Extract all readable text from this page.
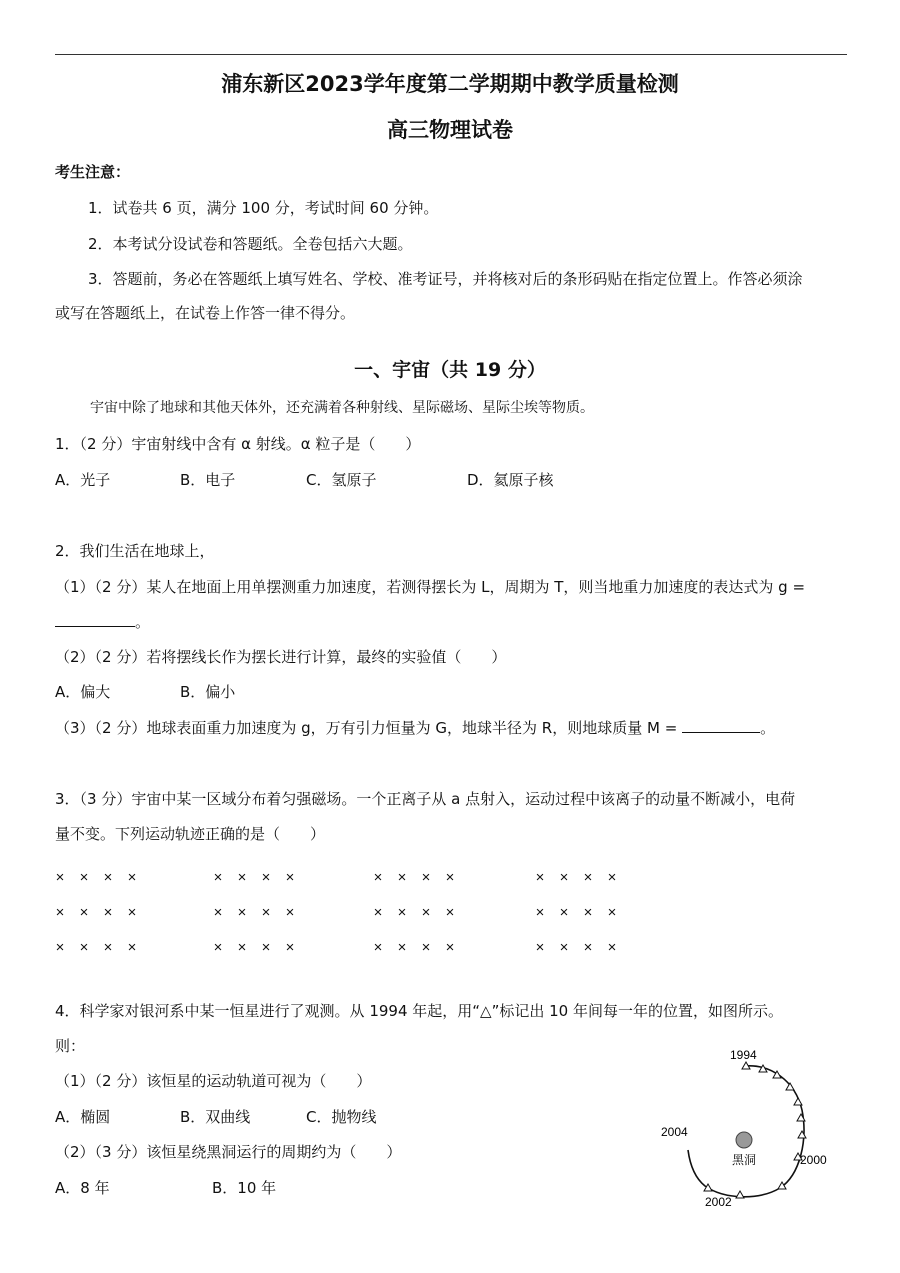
浦东新区2023学年度第二学期期中教学质量检测
高三物理试卷
考生注意：
1．试卷共 6 页，满分 100 分，考试时间 60 分钟。
2．本考试分设试卷和答题纸。全卷包括六大题。
3．答题前，务必在答题纸上填写姓名、学校、准考证号，并将核对后的条形码贴在指定位置上。作答必须涂
或写在答题纸上，在试卷上作答一律不得分。
一、宇宙（共 19 分）
宇宙中除了地球和其他天体外，还充满着各种射线、星际磁场、星际尘埃等物质。
1．（2 分）宇宙射线中含有 α 射线。α 粒子是（　　）
A．光子	B．电子	C．氢原子	D．氦原子核
2．我们生活在地球上，
（1）（2 分）某人在地面上用单摆测重力加速度，若测得摆长为 L，周期为 T，则当地重力加速度的表达式为 g =
。
（2）（2 分）若将摆线长作为摆长进行计算，最终的实验值（　　）
A．偏大	B．偏小
（3）（2 分）地球表面重力加速度为 g，万有引力恒量为 G，地球半径为 R，则地球质量 M =	。
3．（3 分）宇宙中某一区域分布着匀强磁场。一个正离子从 a 点射入，运动过程中该离子的动量不断减小，电荷
量不变。下列运动轨迹正确的是（　　）
× × × ×
× × × ×
× × × ×
× × × ×
× × × ×
× × × ×
× × × ×
× × × ×
× × × ×
× × × ×
× × × ×
× × × ×
4．科学家对银河系中某一恒星进行了观测。从 1994 年起，用“△”标记出 10 年间每一年的位置，如图所示。
则：
（1）（2 分）该恒星的运动轨道可视为（　　）
A．椭圆	B．双曲线	C．抛物线
（2）（3 分）该恒星绕黑洞运行的周期约为（　　）
A．8 年	B．10 年
黑洞
1994
2000
2002
2004
